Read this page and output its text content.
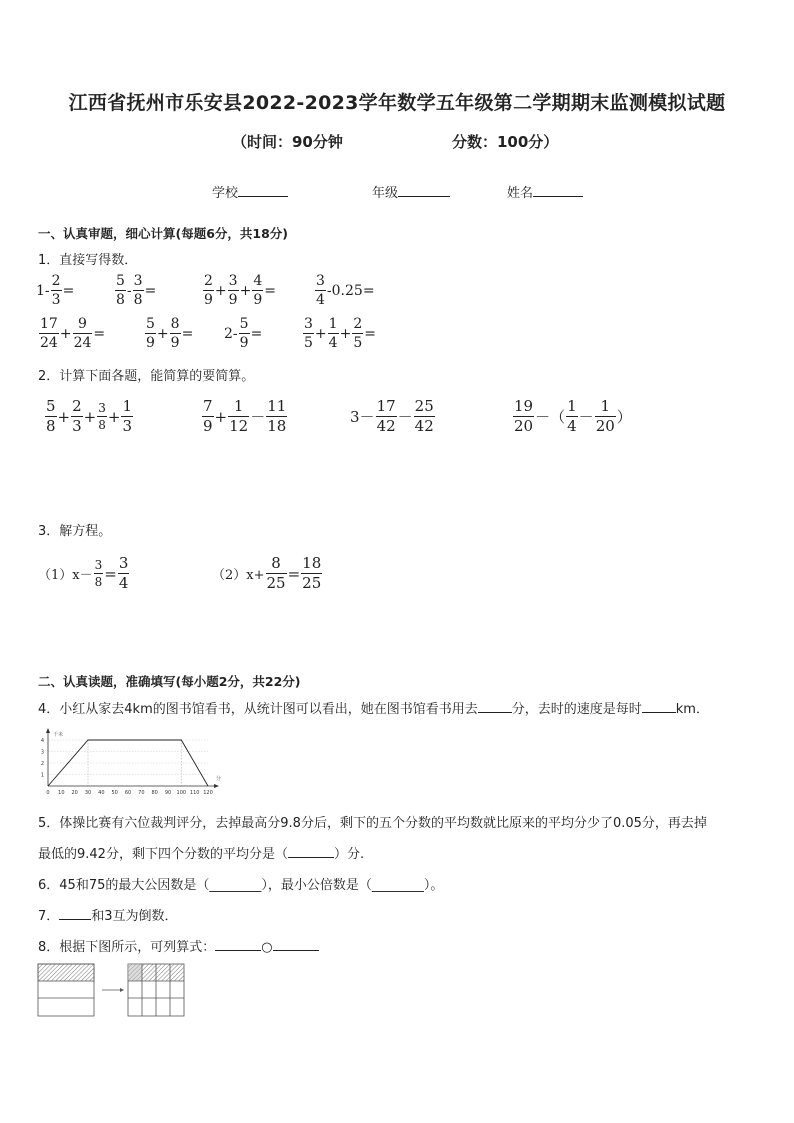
江西省抚州市乐安县2022-2023学年数学五年级第二学期期末监测模拟试题
（时间：90分钟	分数：100分）
学校	年级	姓名
一、认真审题，细心计算(每题6分，共18分)
1．直接写得数．
$1 - \frac{2}{3}$ =
5
8
- $\frac{3}{8}$ =
2
9
+ $\frac{3}{9} + \frac{4}{9}$ =
3
4
-0.25=
17
24
+ $\frac{9}{24}$ =
5
9
+ $\frac{8}{9} = 2 - \frac{5}{9}$ =
3
5
+ $\frac{1}{4} + \frac{2}{5}$ =
2．计算下面各题，能简算的要简算。
5
8
+ $\frac{2}{3} + \frac{3}{8} + \frac{1}{3}$	7
9
+ $\frac{1}{12}$ －
11
18
3 －
17
42 －
25
42
19
20 － （
1
4 －
1
20 ）
3．解方程。
$(1)x- \frac{3}{8} = \frac{3}{4}$	$(2)x+ \frac{8}{25} = \frac{18}{25}$
二、认真读题，准确填写(每小题2分，共22分)
4．小红从家去4km的图书馆看书，从统计图可以看出，她在图书馆看书用去	分，去时的速度是每时	km．
千米
分
1
2
3
4
0 10 20 30 40 50 60 70 80 90 100 110 120
5．体操比赛有六位裁判评分，去掉最高分9.8分后，剩下的五个分数的平均数就比原来的平均分少了0.05分，再去掉
最低的9.42分，剩下四个分数的平均分是（	）分.
6．45和75的最大公因数是（________），最小公倍数是（________）。
7． 和3互为倒数．
8．根据下图所示，可列算式：	○
